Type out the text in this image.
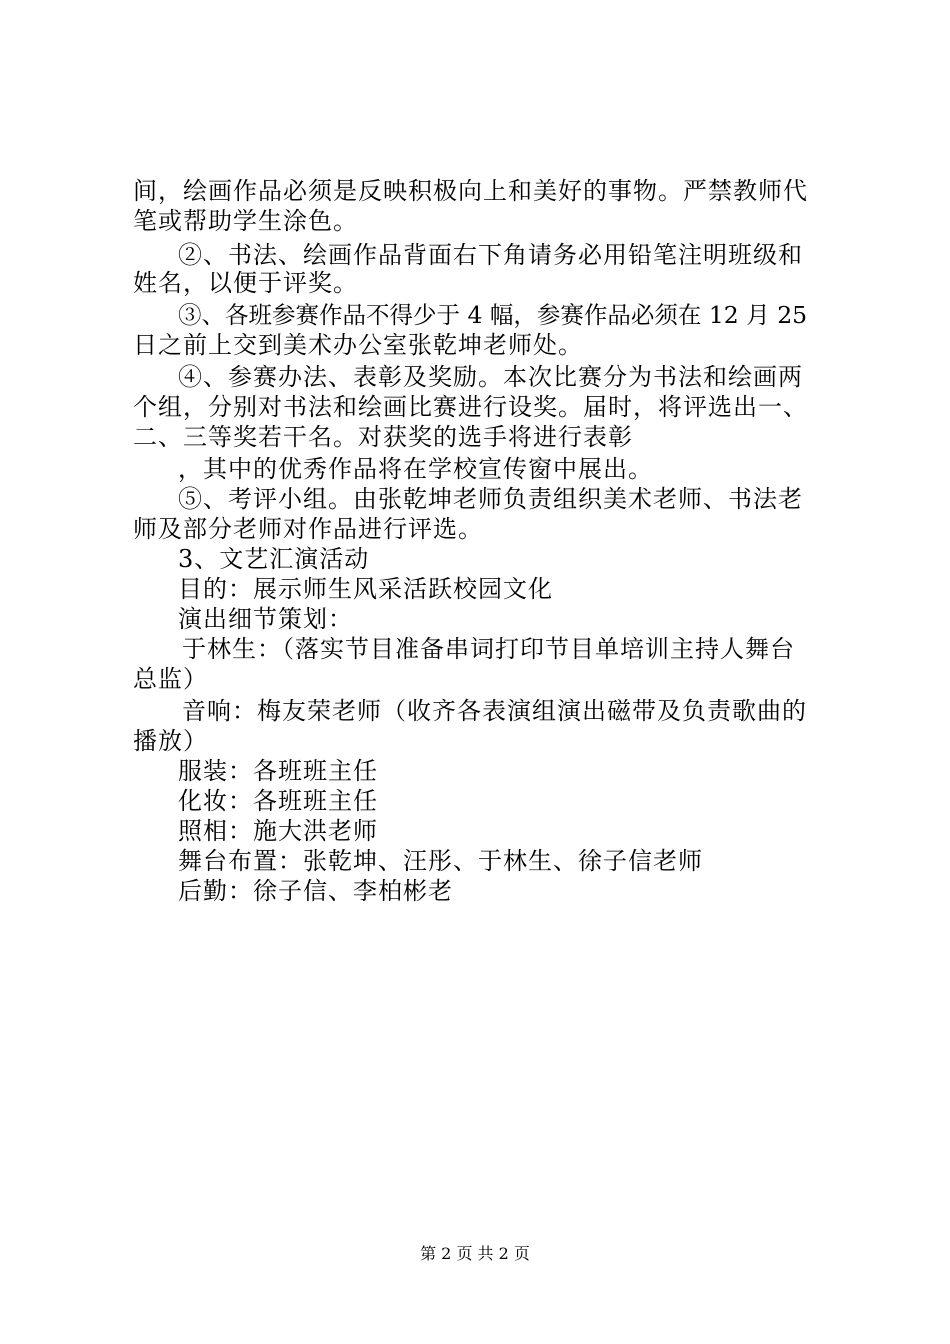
间，绘画作品必须是反映积极向上和美好的事物。严禁教师代
笔或帮助学生涂色。
②、书法、绘画作品背面右下角请务必用铅笔注明班级和
姓名，以便于评奖。
③、各班参赛作品不得少于 4 幅，参赛作品必须在 12 月 25
日之前上交到美术办公室张乾坤老师处。
④、参赛办法、表彰及奖励。本次比赛分为书法和绘画两
个组，分别对书法和绘画比赛进行设奖。届时，将评选出一、
二、三等奖若干名。对获奖的选手将进行表彰
，其中的优秀作品将在学校宣传窗中展出。
⑤、考评小组。由张乾坤老师负责组织美术老师、书法老
师及部分老师对作品进行评选。
3、文艺汇演活动
目的：展示师生风采活跃校园文化
演出细节策划：
于林生：（落实节目准备串词打印节目单培训主持人舞台
总监）
音响：梅友荣老师（收齐各表演组演出磁带及负责歌曲的
播放）
服装：各班班主任
化妆：各班班主任
照相：施大洪老师
舞台布置：张乾坤、汪彤、于林生、徐子信老师
后勤：徐子信、李柏彬老
第 2 页 共 2 页
